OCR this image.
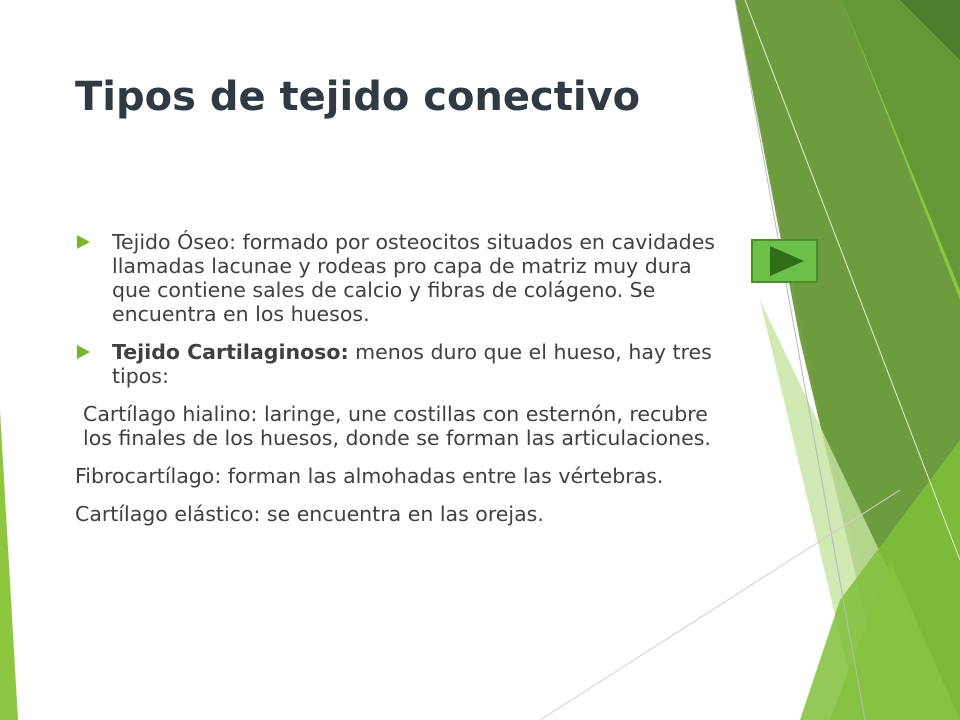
Tipos de tejido conectivo
Tejido Óseo: formado por osteocitos situados en cavidades llamadas lacunae y rodeas pro capa de matriz muy dura que contiene sales de calcio y fibras de colágeno. Se encuentra en los huesos.
Tejido Cartilaginoso: menos duro que el hueso, hay tres tipos:
Cartílago hialino: laringe, une costillas con esternón, recubre los finales de los huesos, donde se forman las articulaciones.
Fibrocartílago: forman las almohadas entre las vértebras.
Cartílago elástico: se encuentra en las orejas.
